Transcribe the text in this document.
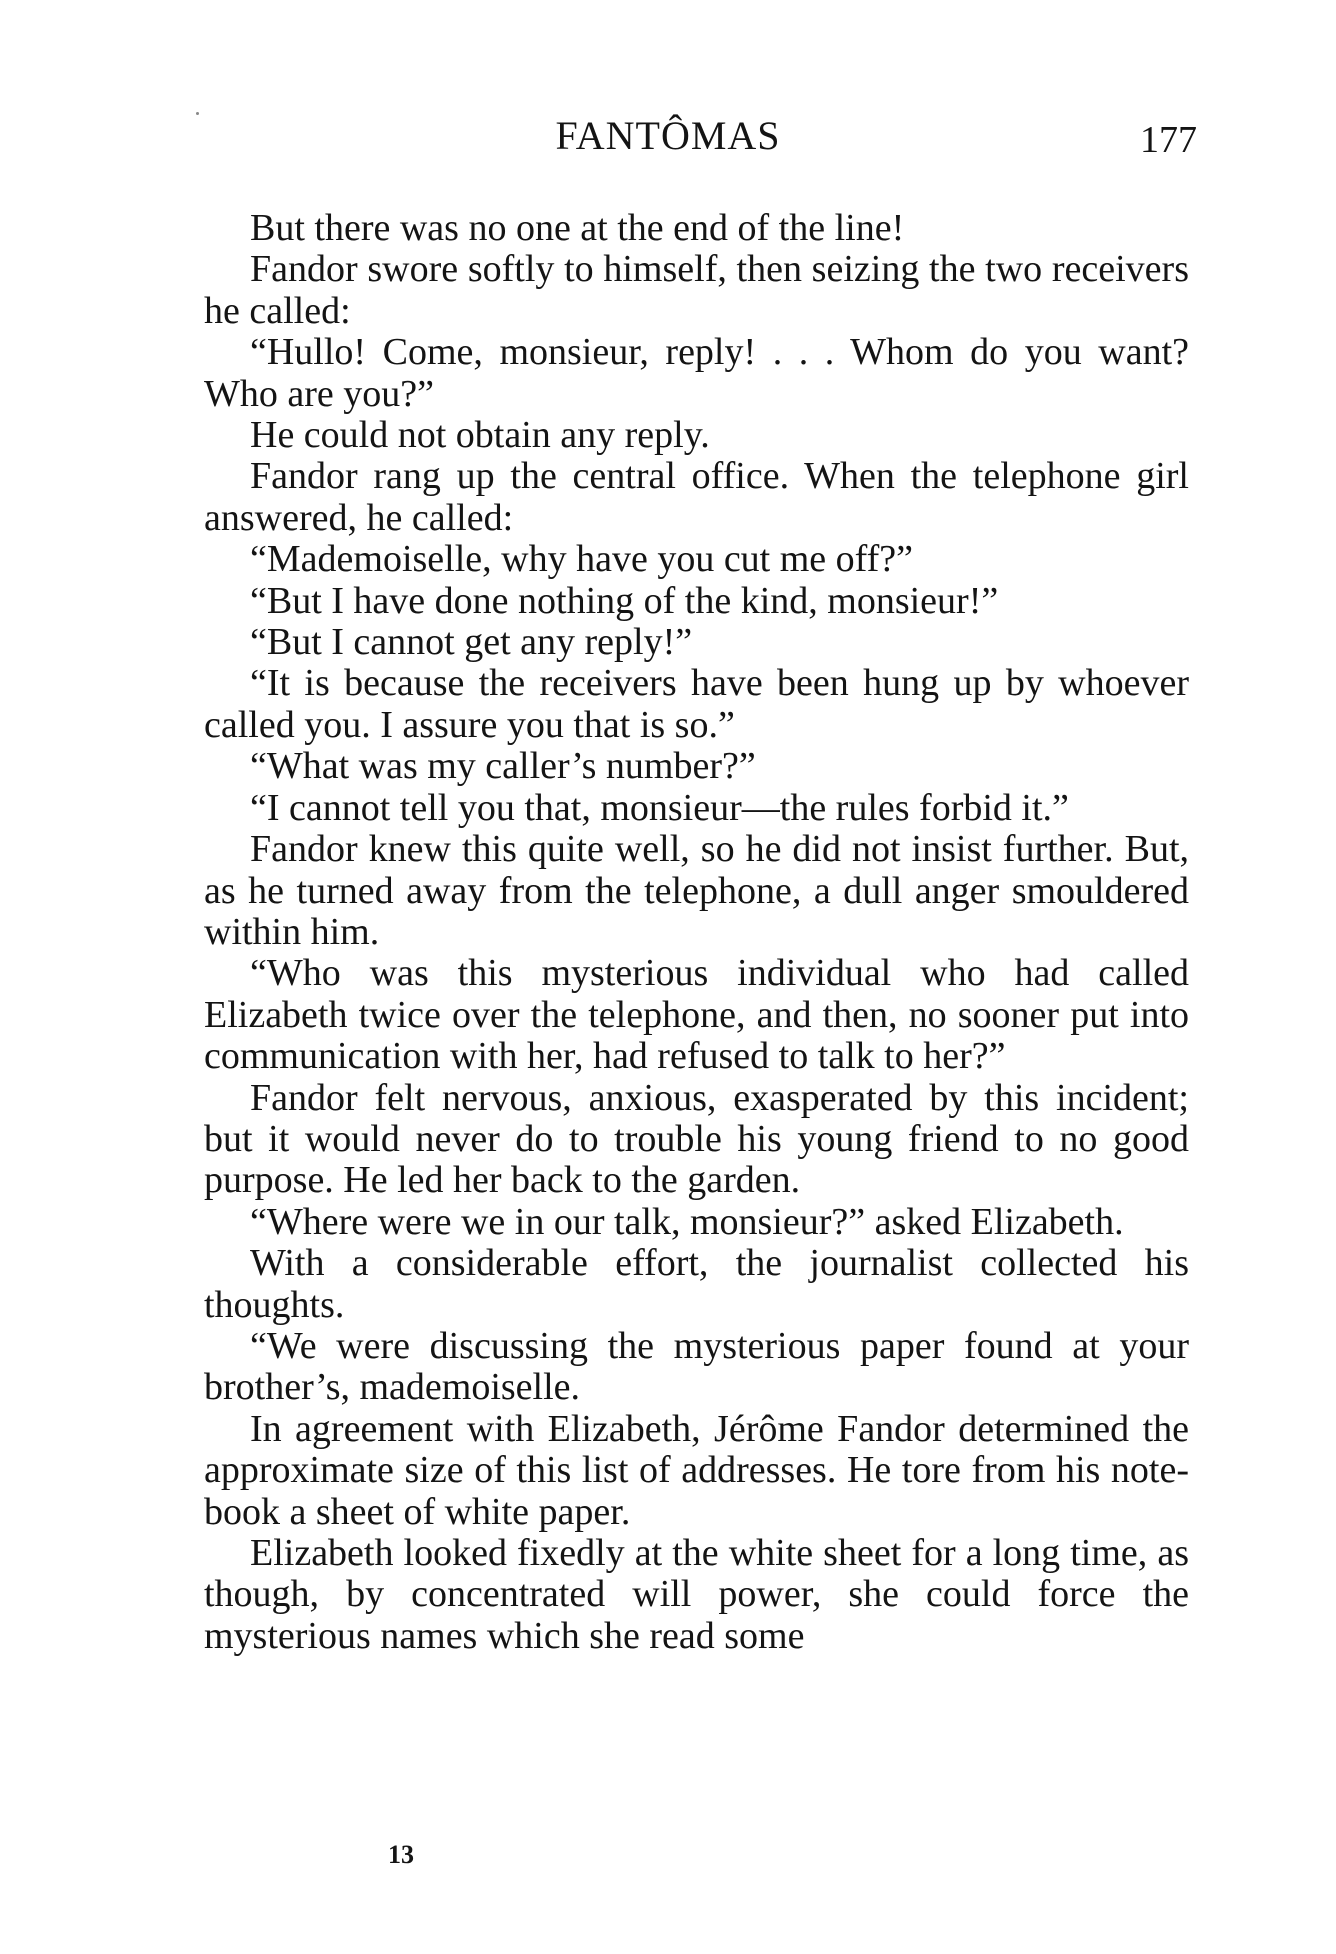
FANTÔMAS	177

But there was no one at the end of the line!

Fandor swore softly to himself, then seizing the two receivers he called:

“Hullo! Come, monsieur, reply! . . . Whom do you want? Who are you?”

He could not obtain any reply.

Fandor rang up the central office. When the telephone girl answered, he called:

“Mademoiselle, why have you cut me off?”

“But I have done nothing of the kind, monsieur!”

“But I cannot get any reply!”

“It is because the receivers have been hung up by whoever called you. I assure you that is so.”

“What was my caller’s number?”

“I cannot tell you that, monsieur—the rules forbid it.”

Fandor knew this quite well, so he did not insist further. But, as he turned away from the telephone, a dull anger smouldered within him.

“Who was this mysterious individual who had called Elizabeth twice over the telephone, and then, no sooner put into communication with her, had refused to talk to her?”

Fandor felt nervous, anxious, exasperated by this incident; but it would never do to trouble his young friend to no good purpose. He led her back to the garden.

“Where were we in our talk, monsieur?” asked Elizabeth.

With a considerable effort, the journalist collected his thoughts.

“We were discussing the mysterious paper found at your brother’s, mademoiselle.

In agreement with Elizabeth, Jérôme Fandor determined the approximate size of this list of addresses. He tore from his note-book a sheet of white paper.

Elizabeth looked fixedly at the white sheet for a long time, as though, by concentrated will power, she could force the mysterious names which she read some

13
